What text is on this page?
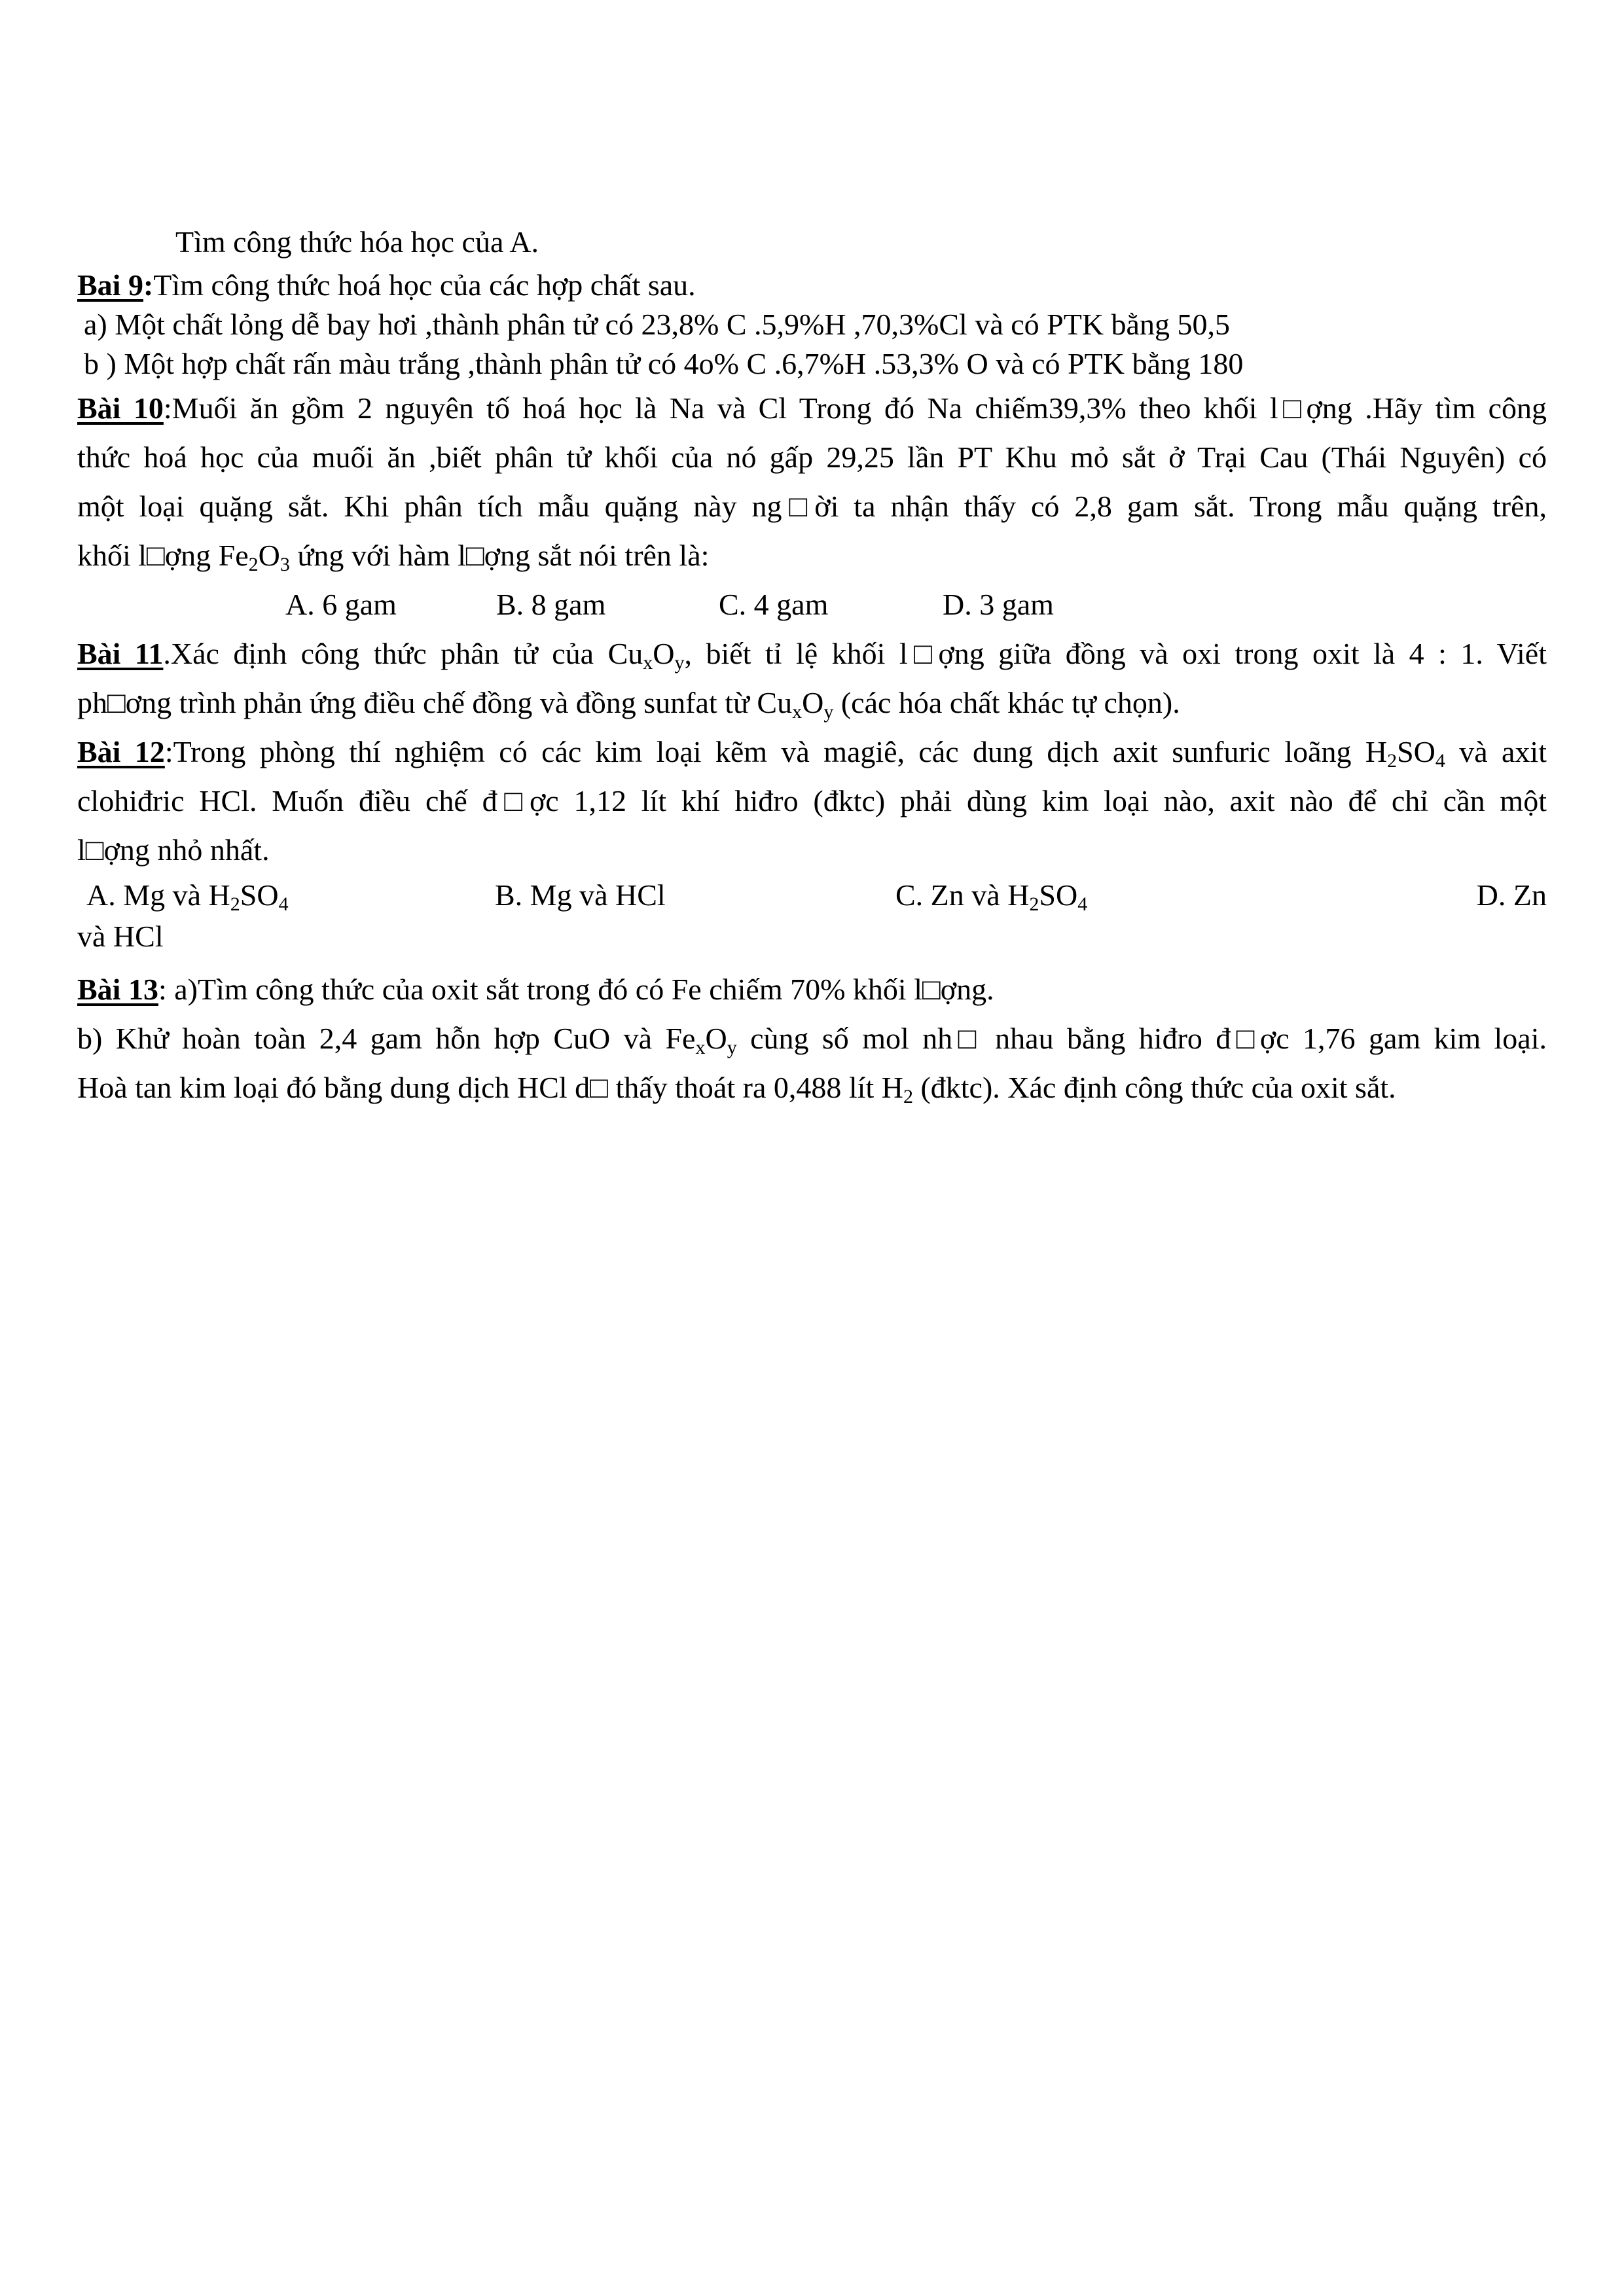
Tìm công thức hóa học của A.
Bai 9:Tìm công thức hoá học của các hợp chất sau.
a) Một chất lỏng dễ bay hơi ,thành phân tử có 23,8% C .5,9%H ,70,3%Cl và có PTK bằng 50,5
b ) Một hợp chất rấn màu trắng ,thành phân tử có 4o% C .6,7%H .53,3% O và có PTK bằng 180
Bài 10:Muối ăn gồm 2 nguyên tố hoá học là Na và Cl Trong đó Na chiếm39,3% theo khối l□ợng .Hãy tìm công
thức hoá học của muối ăn ,biết phân tử khối của nó gấp 29,25 lần PT Khu mỏ sắt ở Trại Cau (Thái Nguyên) có
một loại quặng sắt. Khi phân tích mẫu quặng này ng□ời ta nhận thấy có 2,8 gam sắt. Trong mẫu quặng trên,
khối l□ợng $Fe_2O_3$ ứng với hàm l□ợng sắt nói trên là:
A. 6 gam	B. 8 gam	C. 4 gam	D. 3 gam
Bài 11.Xác định công thức phân tử của $Cu_xO_y$, biết tỉ lệ khối l□ợng giữa đồng và oxi trong oxit là 4 : 1. Viết
ph□ơng trình phản ứng điều chế đồng và đồng sunfat từ $Cu_xO_y$ (các hóa chất khác tự chọn).
Bài 12:Trong phòng thí nghiệm có các kim loại kẽm và magiê, các dung dịch axit sunfuric loãng $H_2SO_4$ và axit
clohiđric HCl. Muốn điều chế đ□ợc 1,12 lít khí hiđro (đktc) phải dùng kim loại nào, axit nào để chỉ cần một
l□ợng nhỏ nhất.
A. Mg và $H_2SO_4$	B. Mg và HCl	C. Zn và $H_2SO_4$	D. Zn
và HCl
Bài 13: a)Tìm công thức của oxit sắt trong đó có Fe chiếm 70% khối l□ợng.
b) Khử hoàn toàn 2,4 gam hỗn hợp CuO và $Fe_xO_y$ cùng số mol nh□ nhau bằng hiđro đ□ợc 1,76 gam kim loại.
Hoà tan kim loại đó bằng dung dịch HCl d□ thấy thoát ra 0,488 lít $H_2$ (đktc). Xác định công thức của oxit sắt.
